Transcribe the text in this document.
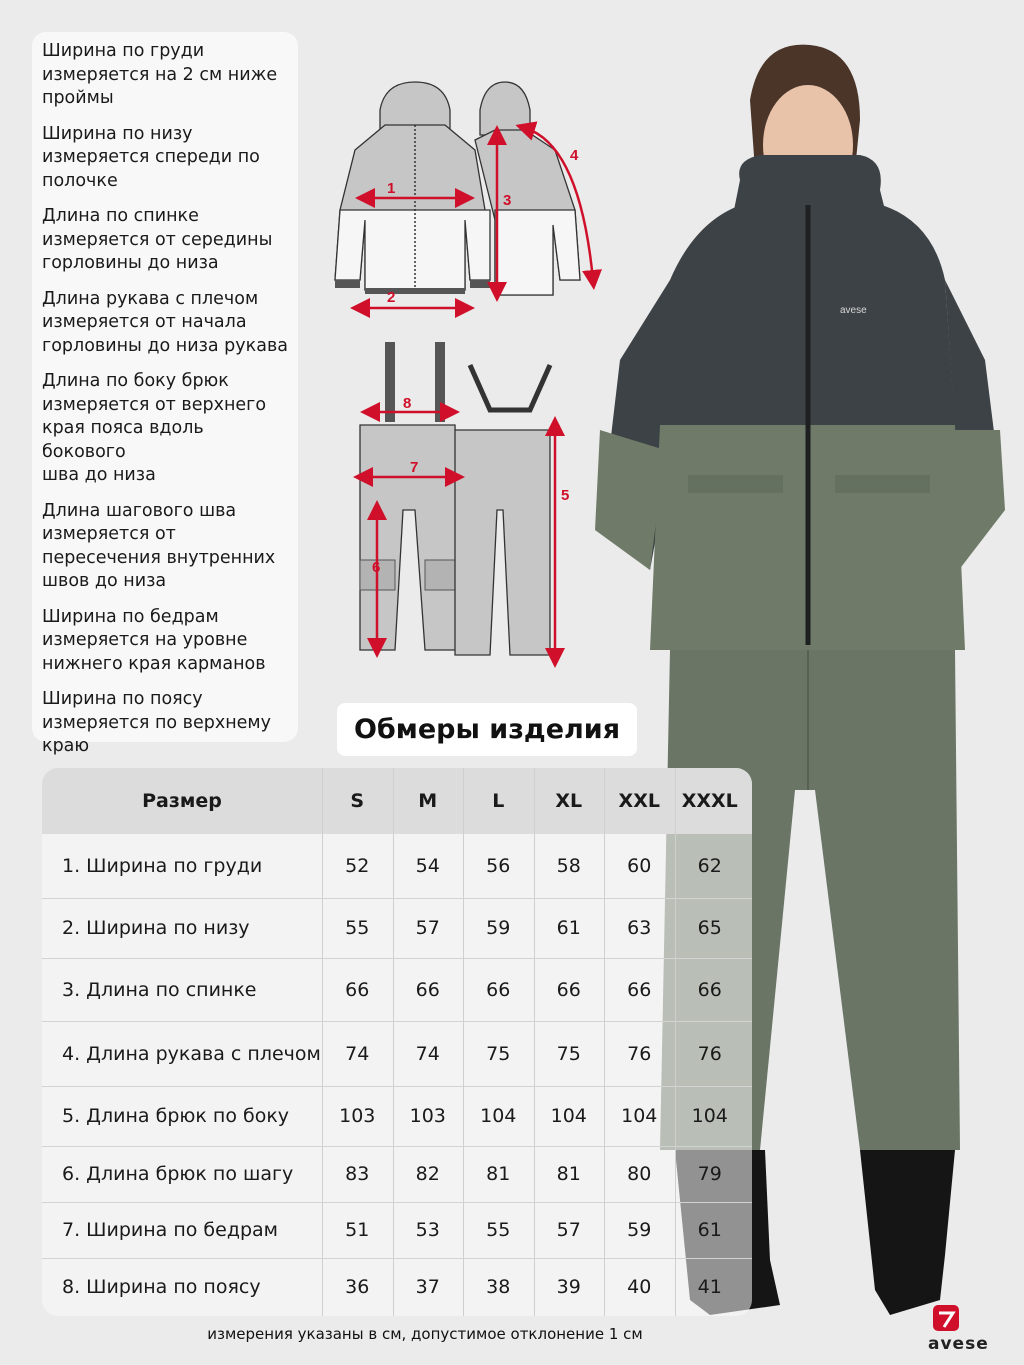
avese
Ширина по груди
измеряется на 2 см ниже
проймы
Ширина по низу
измеряется спереди по
полочке
Длина по спинке
измеряется от середины
горловины до низа
Длина рукава с плечом
измеряется от начала
горловины до низа рукава
Длина по боку брюк
измеряется от верхнего
края пояса вдоль бокового
шва до низа
Длина шагового шва
измеряется от
пересечения внутренних
швов до низа
Ширина по бедрам
измеряется на уровне
нижнего края карманов
Ширина по поясу
измеряется по верхнему
краю
1
2
3
4
8
7
6
5
Обмеры изделия
Размер	S	M	L	XL	XXL	XXXL
1. Ширина по груди	52	54	56	58	60	62
2. Ширина по низу	55	57	59	61	63	65
3. Длина по спинке	66	66	66	66	66	66
4. Длина рукава с плечом	74	74	75	75	76	76
5. Длина брюк по боку	103	103	104	104	104	104
6. Длина брюк по шагу	83	82	81	81	80	79
7. Ширина по бедрам	51	53	55	57	59	61
8. Ширина по поясу	36	37	38	39	40	41
измерения указаны в см, допустимое отклонение 1 см	avese
